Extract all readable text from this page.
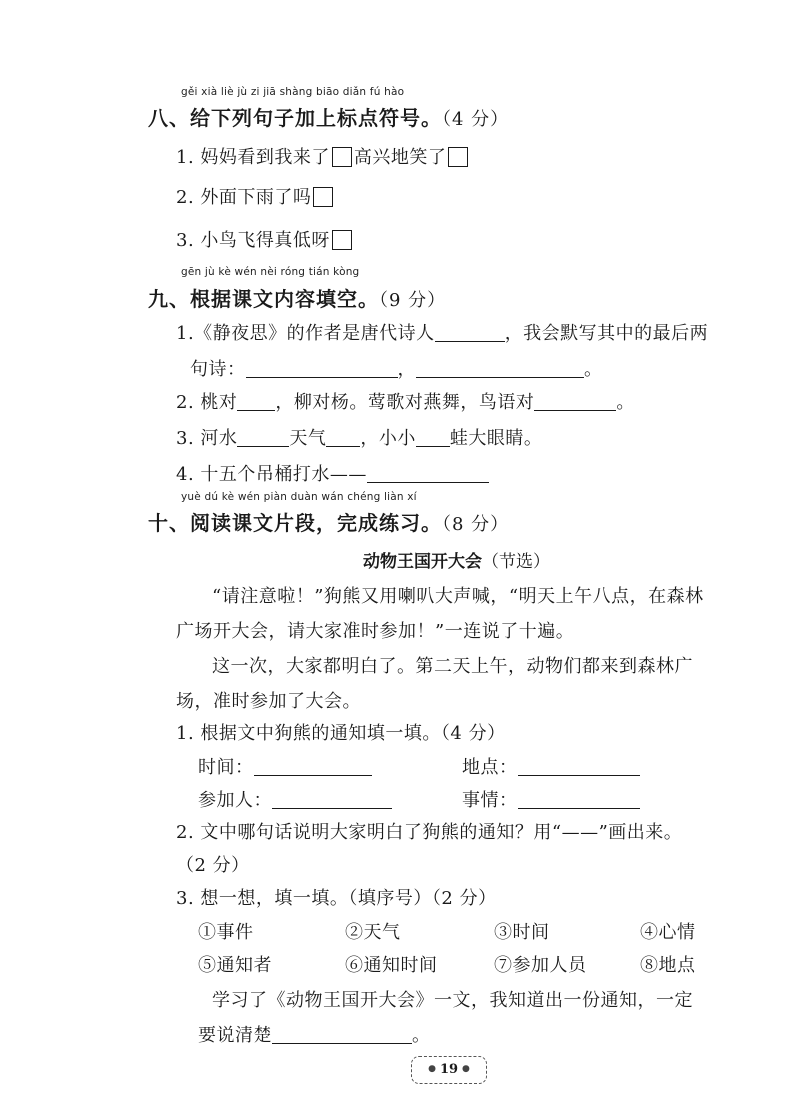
gěi xià liè jù zi jiā shàng biāo diǎn fú hào
八、给下列句子加上标点符号。（4 分）
1. 妈妈看到我来了 高兴地笑了
2. 外面下雨了吗
3. 小鸟飞得真低呀
gēn jù kè wén nèi róng tián kòng
九、根据课文内容填空。（9 分）
1.《静夜思》的作者是唐代诗人	，我会默写其中的最后两
句诗：	，	。
2. 桃对 ，柳对杨。莺歌对燕舞，鸟语对	。
3. 河水	天气 ，小小 蛙大眼睛。
4. 十五个吊桶打水——
yuè dú kè wén piàn duàn wán chéng liàn xí
十、阅读课文片段，完成练习。（8 分）
动物王国开大会（节选）
“请注意啦！”狗熊又用喇叭大声喊，“明天上午八点，在森林
广场开大会，请大家准时参加！”一连说了十遍。
这一次，大家都明白了。第二天上午，动物们都来到森林广
场，准时参加了大会。
1. 根据文中狗熊的通知填一填。（4 分）
时间：	地点：
参加人：	事情：
2. 文中哪句话说明大家明白了狗熊的通知？用“——”画出来。
（2 分）
3. 想一想，填一填。（填序号）（2 分）
①事件	②天气	③时间	④心情
⑤通知者	⑥通知时间	⑦参加人员	⑧地点
学习了《动物王国开大会》一文，我知道出一份通知，一定
要说清楚	。
● 19 ●
